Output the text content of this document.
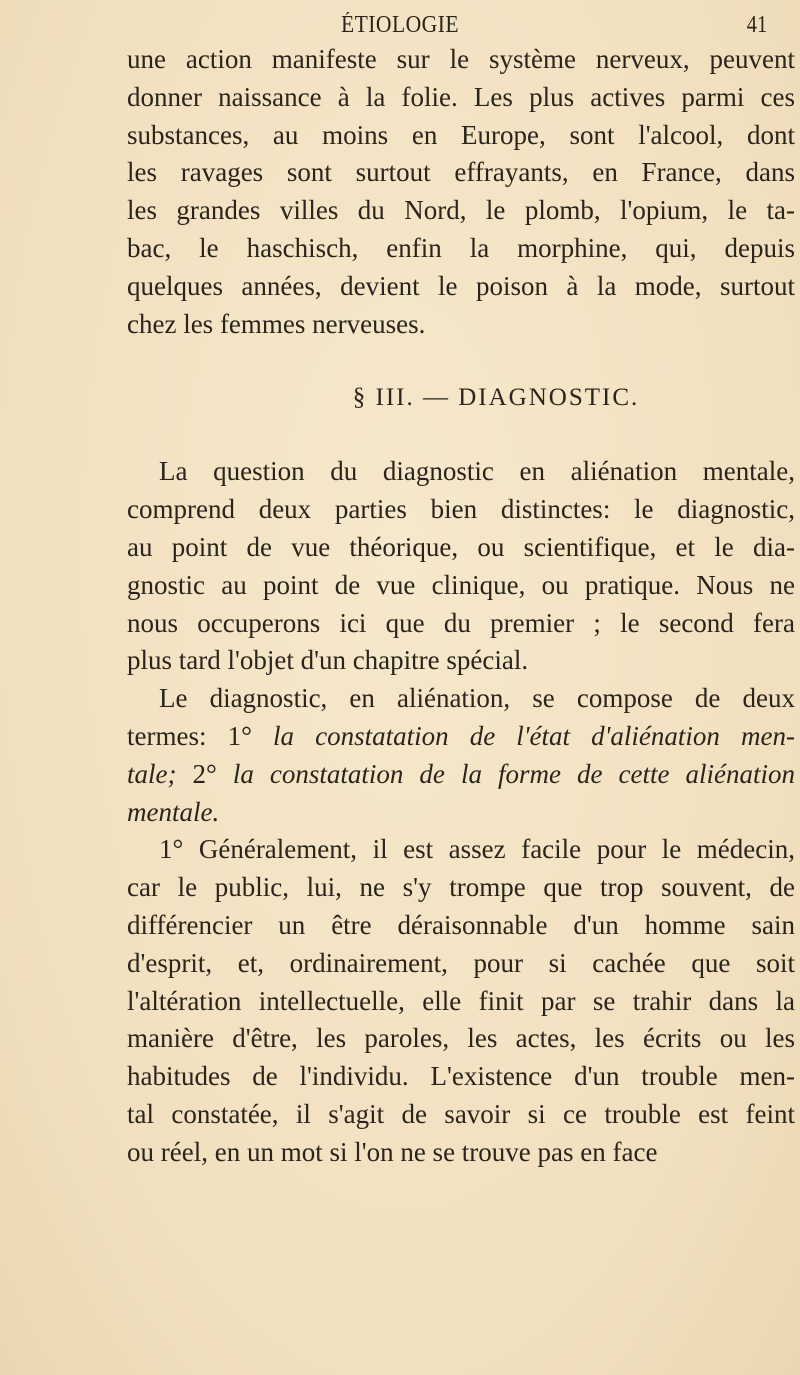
ÉTIOLOGIE	41
une action manifeste sur le système nerveux, peuvent
donner naissance à la folie. Les plus actives parmi ces
substances, au moins en Europe, sont l'alcool, dont
les ravages sont surtout effrayants, en France, dans
les grandes villes du Nord, le plomb, l'opium, le ta-
bac, le haschisch, enfin la morphine, qui, depuis
quelques années, devient le poison à la mode, surtout
chez les femmes nerveuses.
§ III. — DIAGNOSTIC.
La question du diagnostic en aliénation mentale,
comprend deux parties bien distinctes: le diagnostic,
au point de vue théorique, ou scientifique, et le dia-
gnostic au point de vue clinique, ou pratique. Nous ne
nous occuperons ici que du premier ; le second fera
plus tard l'objet d'un chapitre spécial.
Le diagnostic, en aliénation, se compose de deux
termes: 1° la constatation de l'état d'aliénation men-
tale; 2° la constatation de la forme de cette aliénation
mentale.
1° Généralement, il est assez facile pour le médecin,
car le public, lui, ne s'y trompe que trop souvent, de
différencier un être déraisonnable d'un homme sain
d'esprit, et, ordinairement, pour si cachée que soit
l'altération intellectuelle, elle finit par se trahir dans la
manière d'être, les paroles, les actes, les écrits ou les
habitudes de l'individu. L'existence d'un trouble men-
tal constatée, il s'agit de savoir si ce trouble est feint
ou réel, en un mot si l'on ne se trouve pas en face
